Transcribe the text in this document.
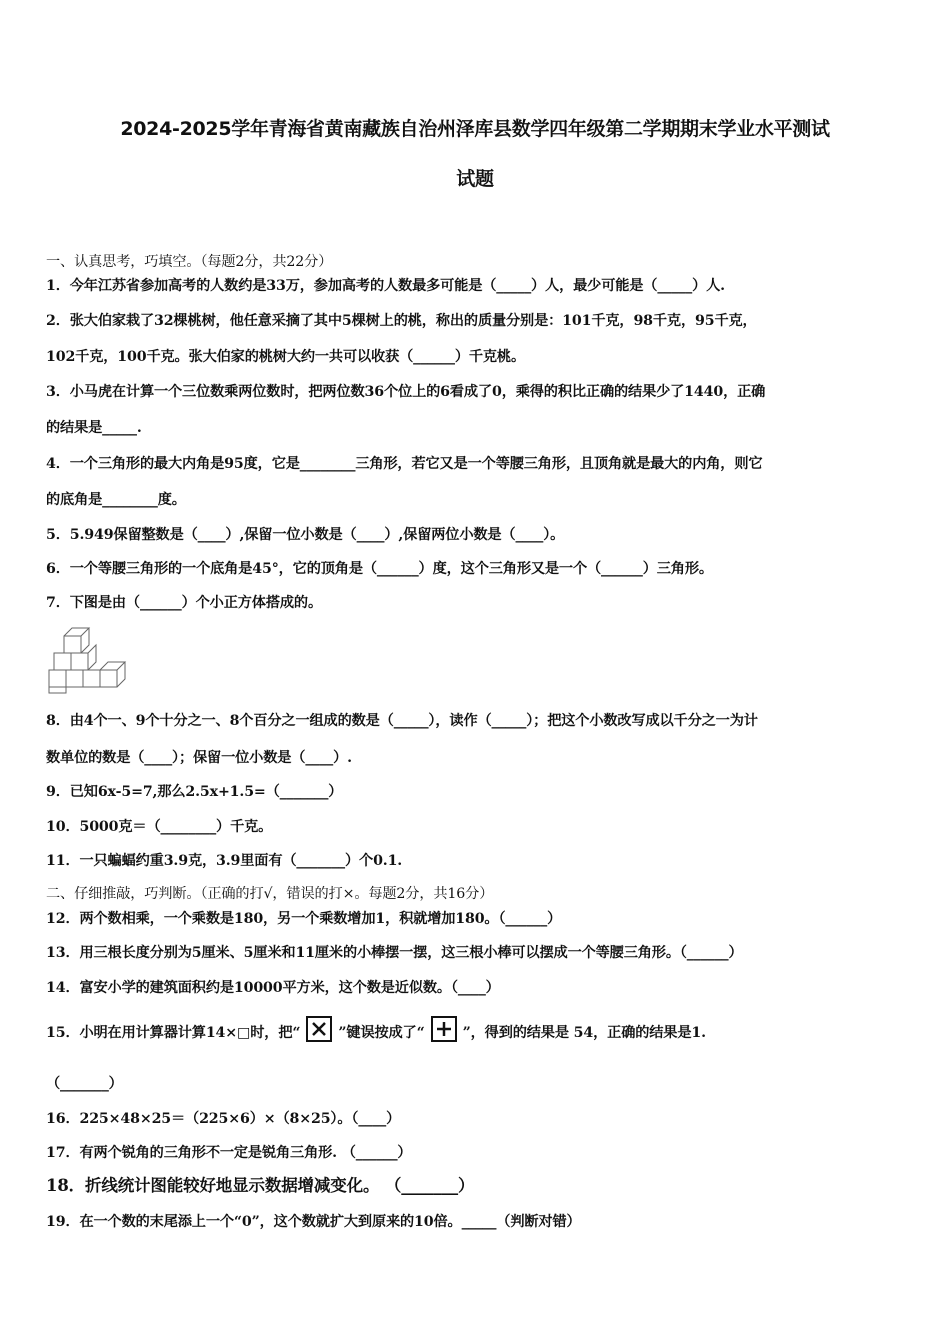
2024-2025学年青海省黄南藏族自治州泽库县数学四年级第二学期期末学业水平测试
试题
一、认真思考，巧填空。（每题2分，共22分）
1．今年江苏省参加高考的人数约是33万，参加高考的人数最多可能是（_____）人，最少可能是（_____）人.
2．张大伯家栽了32棵桃树，他任意采摘了其中5棵树上的桃，称出的质量分别是：101千克，98千克，95千克，
102千克，100千克。张大伯家的桃树大约一共可以收获（______）千克桃。
3．小马虎在计算一个三位数乘两位数时，把两位数36个位上的6看成了0，乘得的积比正确的结果少了1440，正确
的结果是_____.
4．一个三角形的最大内角是95度，它是________三角形，若它又是一个等腰三角形，且顶角就是最大的内角，则它
的底角是________度。
5．5.949保留整数是（____）,保留一位小数是（____）,保留两位小数是（____）。
6．一个等腰三角形的一个底角是45°，它的顶角是（______）度，这个三角形又是一个（______）三角形。
7．下图是由（______）个小正方体搭成的。
8．由4个一、9个十分之一、8个百分之一组成的数是（_____），读作（_____）；把这个小数改写成以千分之一为计
数单位的数是（____）；保留一位小数是（____）.
9．已知6x-5=7,那么2.5x+1.5=（_______）
10．5000克＝（________）千克。
11．一只蝙蝠约重3.9克，3.9里面有（_______）个0.1.
二、仔细推敲，巧判断。（正确的打√，错误的打×。每题2分，共16分）
12．两个数相乘，一个乘数是180，另一个乘数增加1，积就增加180。（______）
13．用三根长度分别为5厘米、5厘米和11厘米的小棒摆一摆，这三根小棒可以摆成一个等腰三角形。（______）
14．富安小学的建筑面积约是10000平方米，这个数是近似数。（____）
15．小明在用计算器计算14×□时，把“	”键误按成了“	”，得到的结果是 54，正确的结果是1.
（_______）
16．225×48×25＝（225×6）×（8×25）。（____）
17．有两个锐角的三角形不一定是锐角三角形. （______）
18．折线统计图能较好地显示数据增减变化。 （_______）
19．在一个数的末尾添上一个“0”，这个数就扩大到原来的10倍。_____（判断对错）
